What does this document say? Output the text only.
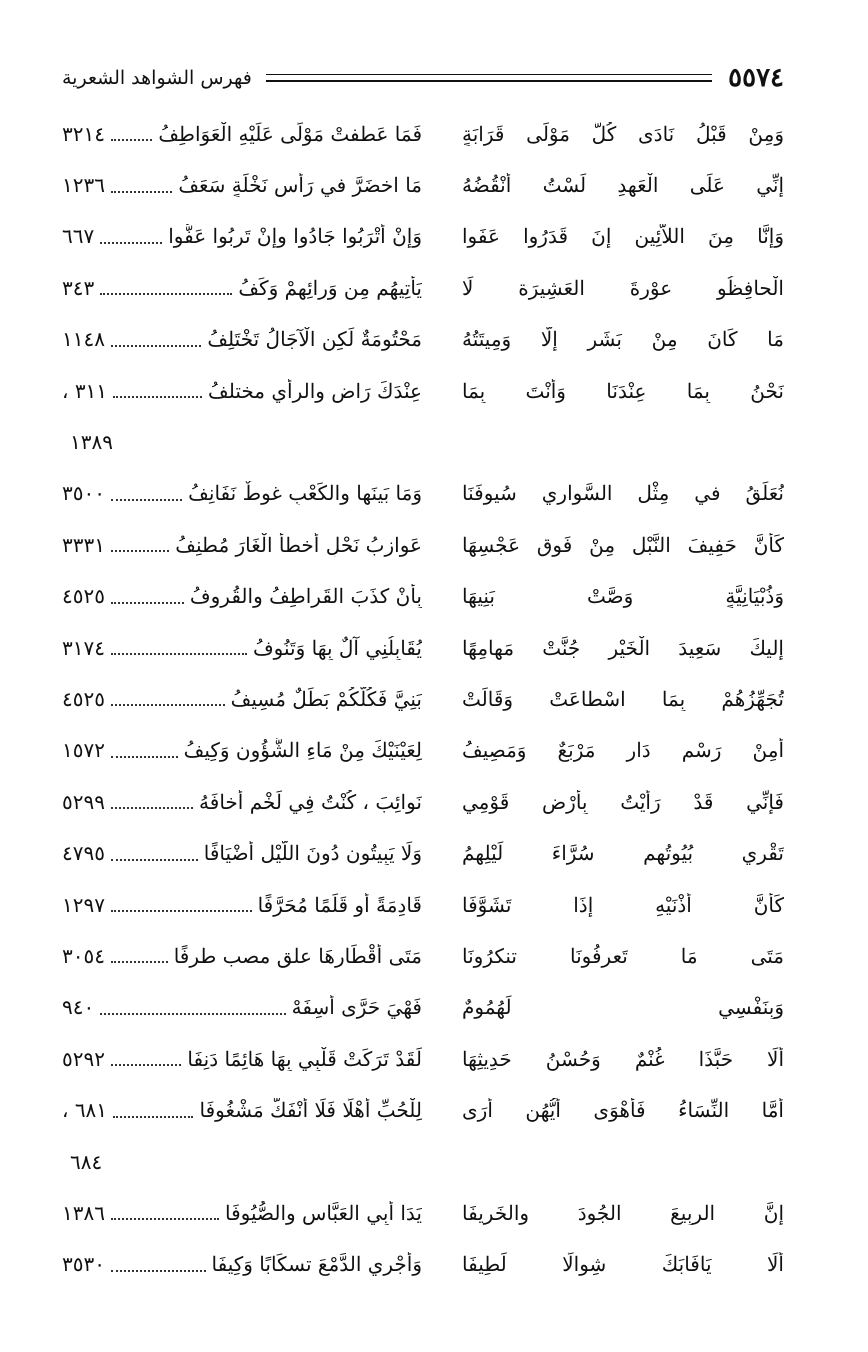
٥٥٧٤
فهرس الشواهد الشعرية
وَمِنْ قَبْلُ نَادَى كُلُّ مَوْلَى قَرَابَةٍ
فَمَا عَطفتْ مَوْلًى عَلَيْهِ الْعَوَاطِفُ
٣٢١٤
إنِّي عَلَى الْعَهدِ لَسْتُ أنْقُضُهُ
مَا اخضَرَّ في رَأسِ نَخْلَةٍ سَعَفُ
١٢٣٦
وَإنَّا مِنَ اللاَّئِين إنَ قَدَرُوا عَفَوا
وَإنْ أَتْرَبُوا جَادُوا وإنْ تَرِبُوا عَفُّوا
٦٦٧
الْحافِظُو عوْرةَ العَشِيرَة لَا
يَأْتِيهُم مِن وَرائِهِمْ وَكَفُ
٣٤٣
مَا كَانَ مِنْ بَشَرٍ إلَّا وَمِيتَتُهُ
مَحْتُومَةٌ لَكِنِ الْآجَالُ تَخْتَلِفُ
١١٤٨
نَحْنُ بِمَا عِنْدَنَا وَأَنْتَ بِمَا
عِنْدَكَ رَاضٍ والرأي مختلفُ
٣١١ ،
١٣٨٩
نُعَلِّقُ في مِثْلِ السَّوارِي سُيوفَنَا
وَمَا بَينَها والكَعْبِ غوطٌ نَفَانِفُ
٣٥٠٠
كَأَنَّ حَفِيفَ النَّبْلِ مِنْ فَوقِ عَجْسِهَا
عَوازِبُ نَحْلٍ أخطأَ الْغَارَ مُطنِفُ
٣٣٣١
وَذُبْيَانِيَّةٍ وَصَّتْ بَنِيهَا
بِأنْ كذَبَ القَراطِفُ والقُروفُ
٤٥٢٥
إليكَ سَعِيدَ الْخَيْرِ جُنَّتْ مَهامِهًا
يُقَابِلُنِي آلٌ بِهَا وَتَنُوفُ
٣١٧٤
تُجَهِّزُهُمْ بِمَا اسْطاعَتْ وَقَالَتْ
بَنِيَّ فَكُلُّكُمْ بَطَلٌ مُسِيفُ
٤٥٢٥
أمِنْ رَسْمِ دَارٍ مَرْبَعٌ وَمَصِيفُ
لِعَيْنَيْكَ مِنْ مَاءِ الشُّؤُونِ وَكِيفُ
١٥٧٢
فَإنِّي قَدْ رَأَيْتُ بِأَرْضِ قَوْمِي
نَوائِبَ ، كُنْتُ فِي لَخْمٍ أَخافَهُ
٥٢٩٩
تَقْرِي بُيُوتُهم سُرَّاءَ لَيْلِهِمُ
وَلَا يَبِيتُون دُونَ اللَّيْلِ أَضْيَافًا
٤٧٩٥
كَأَنَّ أُذْنَيْهِ إذَا تَشَوَّفَا
قَادِمَةً أو قَلَمًا مُحَرَّفًا
١٢٩٧
مَتَى مَا تَعرِفُونَا تنكرُونَا
مَتَى أقْطَارِهَا علق مصب طرفًا
٣٠٥٤
وَبِنَفْسِي لَهُمُومٌ
فَهْيَ حَرَّى أَسِفَهْ
٩٤٠
أَلَا حَبَّذَا غُنْمٌ وَحُسْنُ حَدِيثِهَا
لَقَدْ تَرَكَتْ قَلْبِي بِهَا هَائِمًا دَنِفَا
٥٢٩٢
أَمَّا النِّسَاءُ فَأَهْوَى أَيُّهُن أَرَى
لِلْحُبِّ أَهْلًا فَلَا أَنْفَكُّ مَشْغُوفَا
٦٨١ ،
٦٨٤
إنَّ الربِيعَ الجُودَ والخَرِيفَا
يَدَا أَبِي العَبَّاسِ والصُّيُوفَا
١٣٨٦
أَلَا يَافَابَكَ شِوالًا لَطِيفَا
وَأَجْرِي الدَّمْعَ تسكَابًا وَكِيفَا
٣٥٣٠
